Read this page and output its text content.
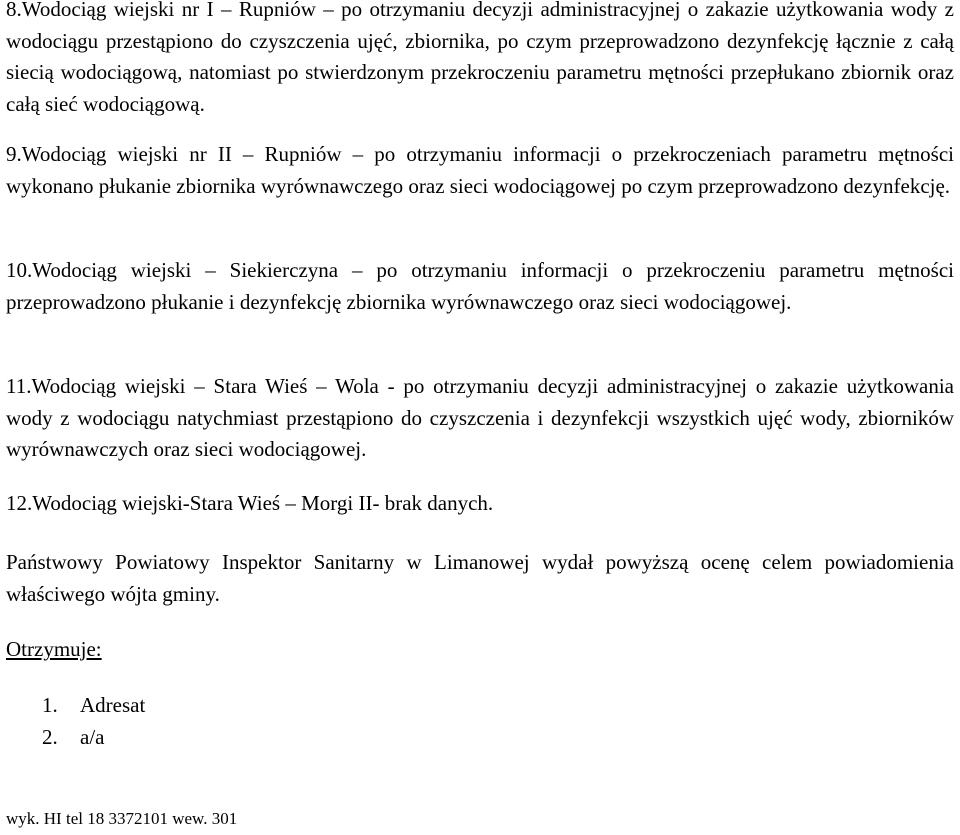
8.Wodociąg wiejski nr I – Rupniów – po otrzymaniu decyzji administracyjnej o zakazie użytkowania wody z wodociągu przestąpiono do czyszczenia ujęć, zbiornika, po czym przeprowadzono dezynfekcję łącznie z całą siecią wodociągową, natomiast po stwierdzonym przekroczeniu parametru mętności przepłukano zbiornik oraz całą sieć wodociągową.

9.Wodociąg wiejski nr II – Rupniów – po otrzymaniu informacji o przekroczeniach parametru mętności wykonano płukanie zbiornika wyrównawczego oraz sieci wodociągowej po czym przeprowadzono dezynfekcję.

10.Wodociąg wiejski – Siekierczyna – po otrzymaniu informacji o przekroczeniu parametru mętności przeprowadzono płukanie i dezynfekcję zbiornika wyrównawczego oraz sieci wodociągowej.

11.Wodociąg wiejski – Stara Wieś – Wola - po otrzymaniu decyzji administracyjnej o zakazie użytkowania wody z wodociągu natychmiast przestąpiono do czyszczenia i dezynfekcji wszystkich ujęć wody, zbiorników wyrównawczych oraz sieci wodociągowej.

12.Wodociąg wiejski-Stara Wieś – Morgi II- brak danych.

Państwowy Powiatowy Inspektor Sanitarny w Limanowej wydał powyższą ocenę celem powiadomienia właściwego wójta gminy.

Otrzymuje:
1.	Adresat
2.	a/a
wyk. HI tel 18 3372101 wew. 301
